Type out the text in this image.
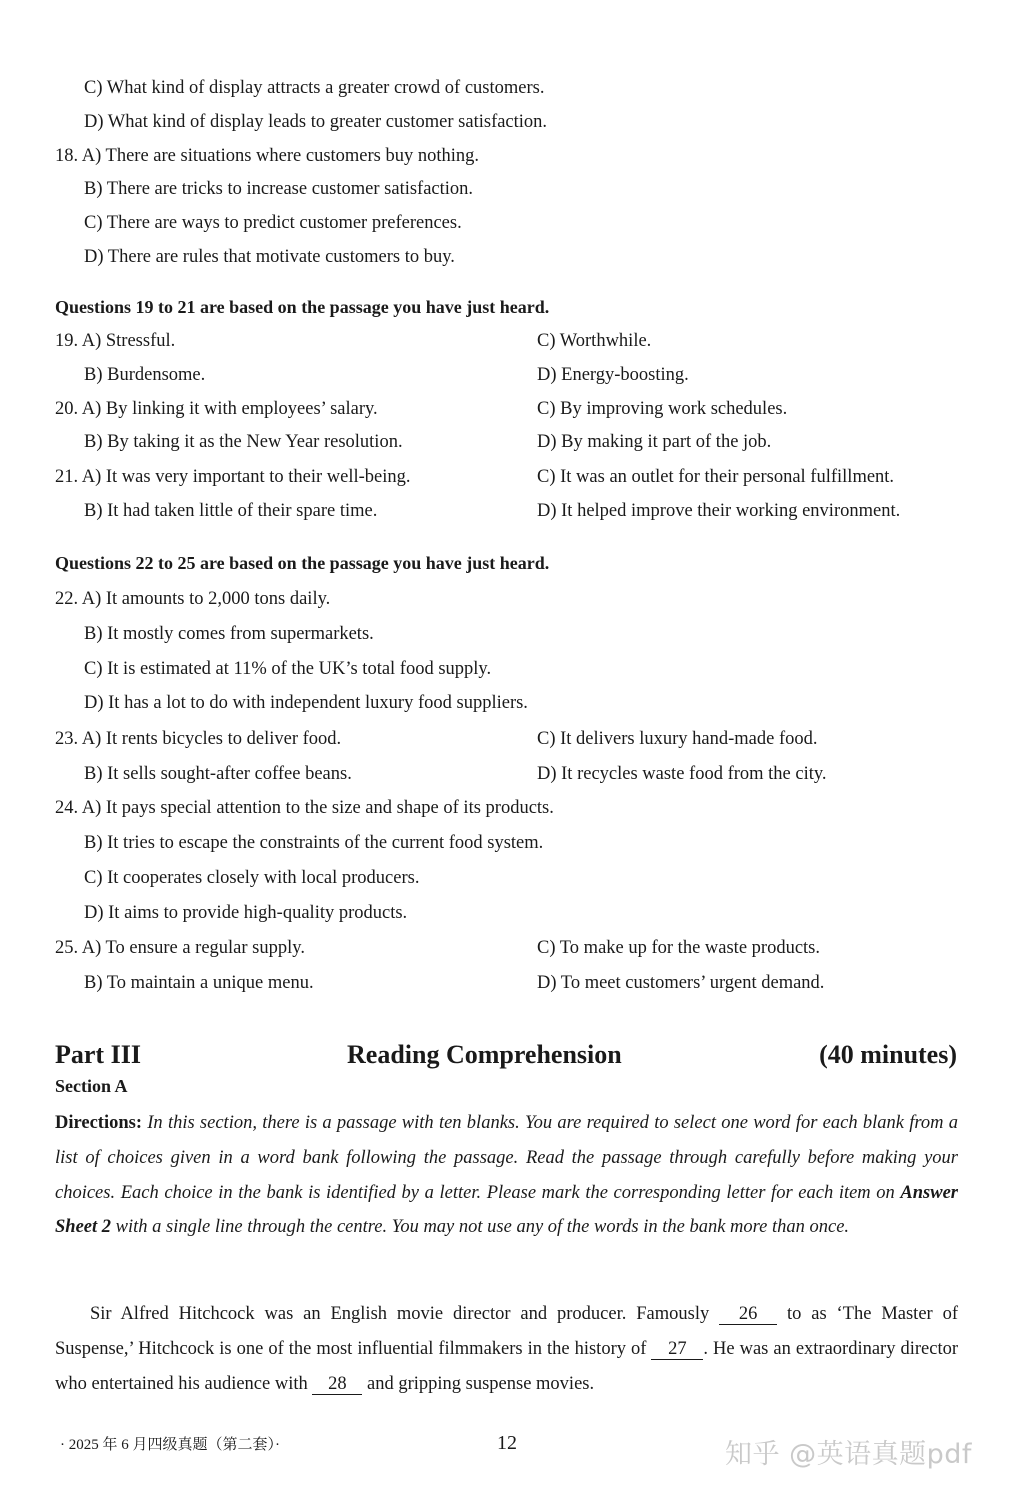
C) What kind of display attracts a greater crowd of customers.
D) What kind of display leads to greater customer satisfaction.
18. A) There are situations where customers buy nothing.
B) There are tricks to increase customer satisfaction.
C) There are ways to predict customer preferences.
D) There are rules that motivate customers to buy.
Questions 19 to 21 are based on the passage you have just heard.
19. A) Stressful.	C) Worthwhile.
B) Burdensome.	D) Energy-boosting.
20. A) By linking it with employees’ salary.	C) By improving work schedules.
B) By taking it as the New Year resolution.	D) By making it part of the job.
21. A) It was very important to their well-being.	C) It was an outlet for their personal fulfillment.
B) It had taken little of their spare time.	D) It helped improve their working environment.
Questions 22 to 25 are based on the passage you have just heard.
22. A) It amounts to 2,000 tons daily.
B) It mostly comes from supermarkets.
C) It is estimated at 11% of the UK’s total food supply.
D) It has a lot to do with independent luxury food suppliers.
23. A) It rents bicycles to deliver food.	C) It delivers luxury hand-made food.
B) It sells sought-after coffee beans.	D) It recycles waste food from the city.
24. A) It pays special attention to the size and shape of its products.
B) It tries to escape the constraints of the current food system.
C) It cooperates closely with local producers.
D) It aims to provide high-quality products.
25. A) To ensure a regular supply.	C) To make up for the waste products.
B) To maintain a unique menu.	D) To meet customers’ urgent demand.
Part III	Reading Comprehension	(40 minutes)
Section A
Directions: In this section, there is a passage with ten blanks. You are required to select one word for each blank from a list of choices given in a word bank following the passage. Read the passage through carefully before making your choices. Each choice in the bank is identified by a letter. Please mark the corresponding letter for each item on Answer Sheet 2 with a single line through the centre. You may not use any of the words in the bank more than once.
Sir Alfred Hitchcock was an English movie director and producer. Famously 26 to as ‘The Master of Suspense,’ Hitchcock is one of the most influential filmmakers in the history of 27 . He was an extraordinary director who entertained his audience with 28 and gripping suspense movies.
· 2025 年 6 月四级真题（第二套）·	12	知乎 @英语真题pdf
